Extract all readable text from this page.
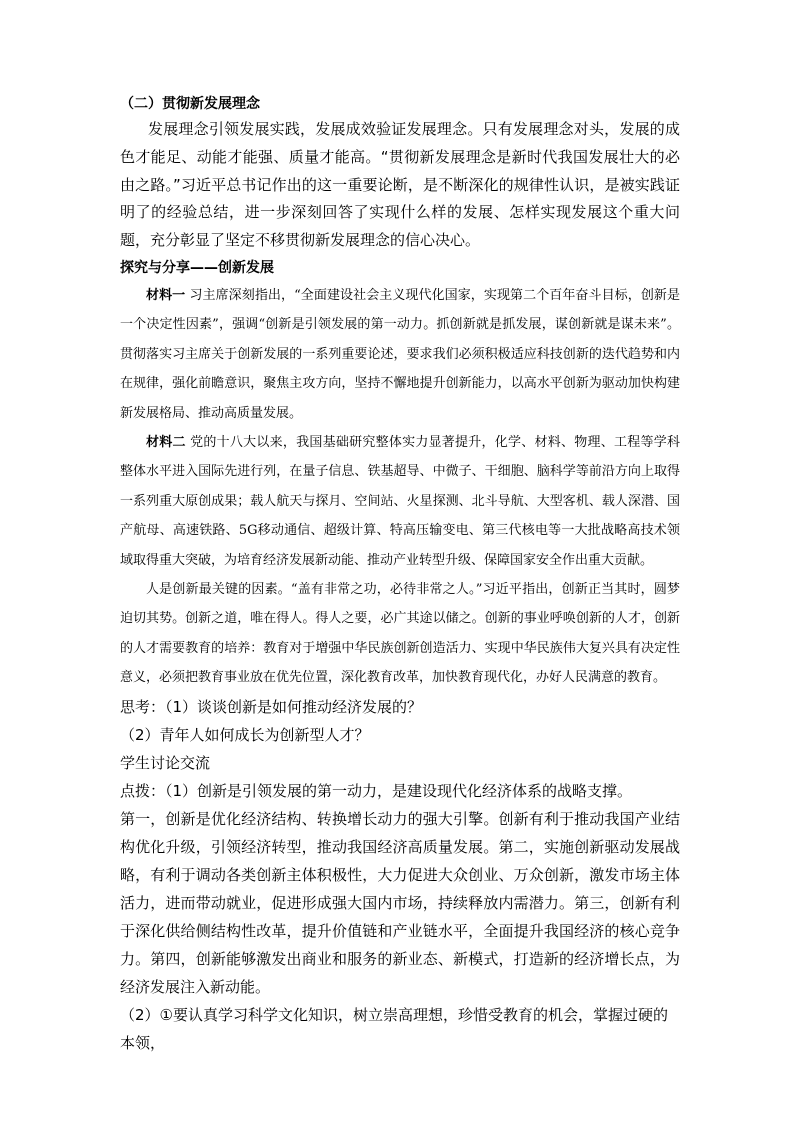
（二）贯彻新发展理念

发展理念引领发展实践，发展成效验证发展理念。只有发展理念对头，发展的成色才能足、动能才能强、质量才能高。“贯彻新发展理念是新时代我国发展壮大的必由之路。”习近平总书记作出的这一重要论断，是不断深化的规律性认识，是被实践证明了的经验总结，进一步深刻回答了实现什么样的发展、怎样实现发展这个重大问题，充分彰显了坚定不移贯彻新发展理念的信心决心。

探究与分享——创新发展

材料一 习主席深刻指出，“全面建设社会主义现代化国家，实现第二个百年奋斗目标，创新是一个决定性因素”，强调“创新是引领发展的第一动力。抓创新就是抓发展，谋创新就是谋未来”。贯彻落实习主席关于创新发展的一系列重要论述，要求我们必须积极适应科技创新的迭代趋势和内在规律，强化前瞻意识，聚焦主攻方向，坚持不懈地提升创新能力，以高水平创新为驱动加快构建新发展格局、推动高质量发展。

材料二 党的十八大以来，我国基础研究整体实力显著提升，化学、材料、物理、工程等学科整体水平进入国际先进行列，在量子信息、铁基超导、中微子、干细胞、脑科学等前沿方向上取得一系列重大原创成果；载人航天与探月、空间站、火星探测、北斗导航、大型客机、载人深潜、国产航母、高速铁路、5G移动通信、超级计算、特高压输变电、第三代核电等一大批战略高技术领域取得重大突破，为培育经济发展新动能、推动产业转型升级、保障国家安全作出重大贡献。

人是创新最关键的因素。“盖有非常之功，必待非常之人。”习近平指出，创新正当其时，圆梦迫切其势。创新之道，唯在得人。得人之要，必广其途以储之。创新的事业呼唤创新的人才，创新的人才需要教育的培养：教育对于增强中华民族创新创造活力、实现中华民族伟大复兴具有决定性意义，必须把教育事业放在优先位置，深化教育改革，加快教育现代化，办好人民满意的教育。

思考：（1）谈谈创新是如何推动经济发展的？

（2）青年人如何成长为创新型人才？

学生讨论交流

点拨：（1）创新是引领发展的第一动力，是建设现代化经济体系的战略支撑。

第一，创新是优化经济结构、转换增长动力的强大引擎。创新有利于推动我国产业结构优化升级，引领经济转型，推动我国经济高质量发展。第二，实施创新驱动发展战略，有利于调动各类创新主体积极性，大力促进大众创业、万众创新，激发市场主体活力，进而带动就业，促进形成强大国内市场，持续释放内需潜力。第三，创新有利于深化供给侧结构性改革，提升价值链和产业链水平，全面提升我国经济的核心竞争力。第四，创新能够激发出商业和服务的新业态、新模式，打造新的经济增长点，为经济发展注入新动能。

（2）①要认真学习科学文化知识，树立崇高理想，珍惜受教育的机会，掌握过硬的本领，
